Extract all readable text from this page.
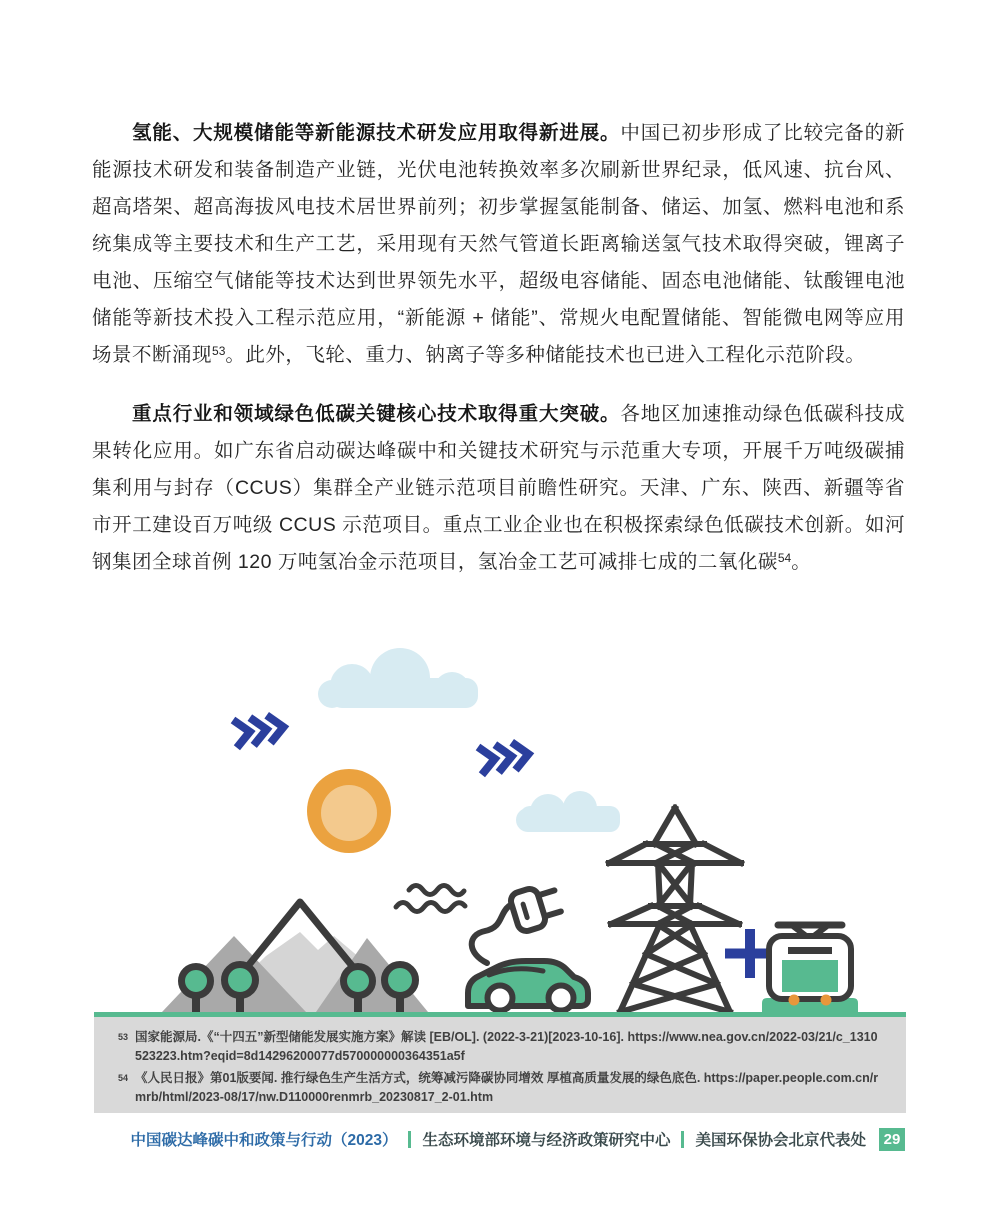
氢能、大规模储能等新能源技术研发应用取得新进展。中国已初步形成了比较完备的新能源技术研发和装备制造产业链，光伏电池转换效率多次刷新世界纪录，低风速、抗台风、超高塔架、超高海拔风电技术居世界前列；初步掌握氢能制备、储运、加氢、燃料电池和系统集成等主要技术和生产工艺，采用现有天然气管道长距离输送氢气技术取得突破，锂离子电池、压缩空气储能等技术达到世界领先水平，超级电容储能、固态电池储能、钛酸锂电池储能等新技术投入工程示范应用，“新能源 + 储能”、常规火电配置储能、智能微电网等应用场景不断涌现$^{53}$。此外，飞轮、重力、钠离子等多种储能技术也已进入工程化示范阶段。

重点行业和领域绿色低碳关键核心技术取得重大突破。各地区加速推动绿色低碳科技成果转化应用。如广东省启动碳达峰碳中和关键技术研究与示范重大专项，开展千万吨级碳捕集利用与封存（CCUS）集群全产业链示范项目前瞻性研究。天津、广东、陕西、新疆等省市开工建设百万吨级 CCUS 示范项目。重点工业企业也在积极探索绿色低碳技术创新。如河钢集团全球首例 120 万吨氢冶金示范项目，氢冶金工艺可减排七成的二氧化碳$^{54}$。

53 国家能源局.《“十四五”新型储能发展实施方案》解读 [EB/OL]. (2022-3-21)[2023-10-16]. https://www.nea.gov.cn/2022-03/21/c_1310523223.htm?eqid=8d14296200077d570000000364351a5f
54 《人民日报》第01版要闻. 推行绿色生产生活方式，统筹减污降碳协同增效 厚植高质量发展的绿色底色. https://paper.people.com.cn/rmrb/html/2023-08/17/nw.D110000renmrb_20230817_2-01.htm
中国碳达峰碳中和政策与行动（2023） 生态环境部环境与经济政策研究中心 美国环保协会北京代表处	29
